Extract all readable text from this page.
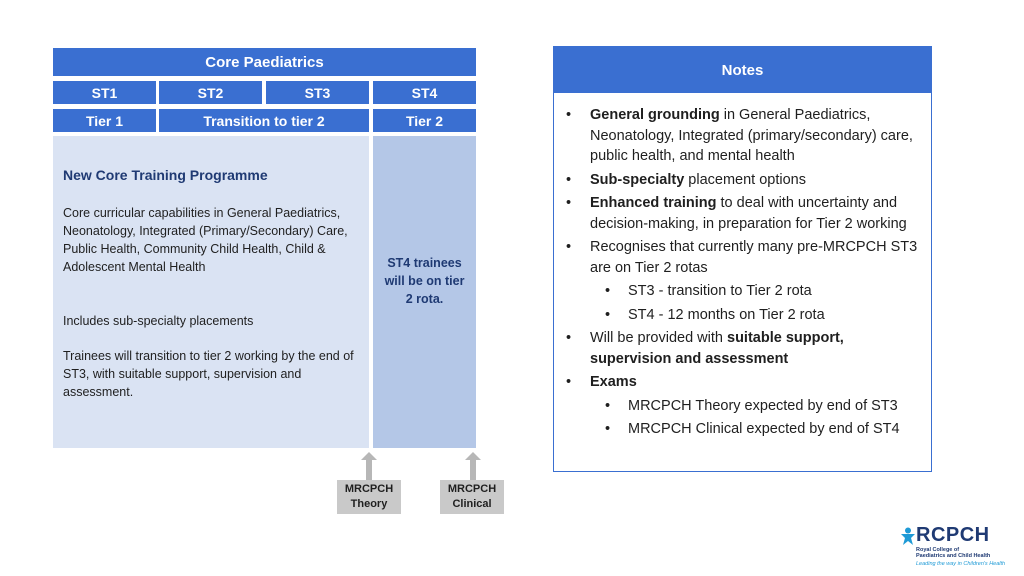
Core Paediatrics
ST1	ST2	ST3	ST4
Tier 1	Transition to tier 2	Tier 2
New Core Training Programme
Core curricular capabilities in General Paediatrics, Neonatology, Integrated (Primary/Secondary) Care, Public Health, Community Child Health, Child & Adolescent Mental Health
Includes sub-specialty placements
Trainees will transition to tier 2 working by the end of ST3, with suitable support, supervision and assessment.
ST4 trainees will be on tier 2 rota.
MRCPCH
Theory
MRCPCH
Clinical
Notes
• General grounding in General Paediatrics, Neonatology, Integrated (primary/secondary) care, public health, and mental health
• Sub-specialty placement options
• Enhanced training to deal with uncertainty and decision-making, in preparation for Tier 2 working
• Recognises that currently many pre-MRCPCH ST3 are on Tier 2 rotas
• ST3 - transition to Tier 2 rota
• ST4 - 12 months on Tier 2 rota
• Will be provided with suitable support, supervision and assessment
• Exams
• MRCPCH Theory expected by end of ST3
• MRCPCH Clinical expected by end of ST4
RCPCH
Royal College of
Paediatrics and Child Health
Leading the way in Children's Health
